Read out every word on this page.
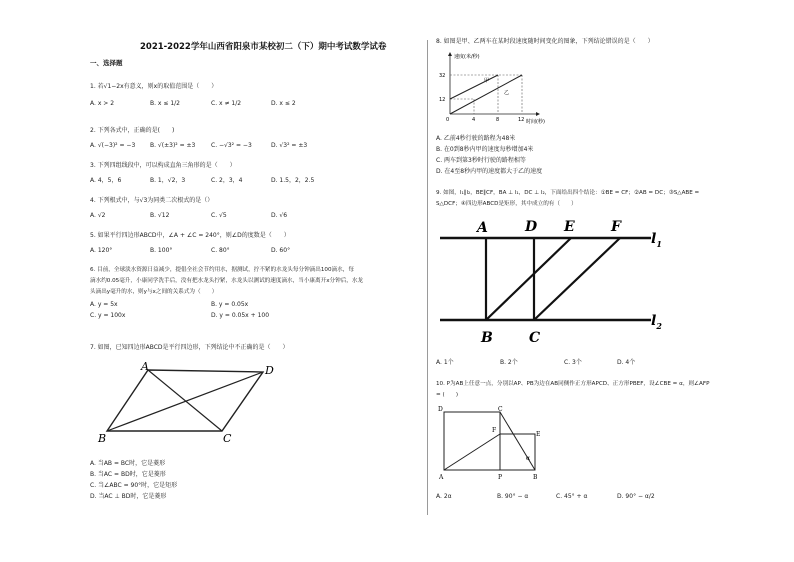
2021-2022学年山西省阳泉市某校初二（下）期中考试数学试卷
一、选择题
1. 若√1−2x有意义，则x的取值范围是（　　）
A. x > 2	B. x ≤ 1/2	C. x ≠ 1/2	D. x ≤ 2
2. 下列各式中，正确的是(　　)
A. √(−3)² = −3 B. √(±3)² = ±3	C. −√3² = −3	D. √3² = ±3
3. 下列四组线段中，可以构成直角三角形的是（　　）
A. 4，5，6	B. 1，√2，3	C. 2，3，4	D. 1.5，2，2.5
4. 下列根式中，与√3为同类二次根式的是（）
A. √2	B. √12	C. √5	D. √6
5. 如果平行四边形ABCD中，∠A + ∠C = 240°，则∠D的度数是（　　）
A. 120°	B. 100°	C. 80°	D. 60°
6. 目前，全球淡水资源日益减少，提倡全社会节约用水，据测试，拧不紧的水龙头每分钟滴出100滴水，每
滴水约0.05毫升，小康同学洗手后，没有把水龙头拧紧，水龙头以测试的速度滴水，当小康离开x分钟后，水龙
头滴出y毫升的水，则y与x之间的关系式为（　　）
A. y = 5x	B. y = 0.05x
C. y = 100x	D. y = 0.05x + 100
7. 如图，已知四边形ABCD是平行四边形，下列结论中不正确的是（　　）
A	D
B	C
A. 当AB = BC时，它是菱形
B. 当AC = BD时，它是菱形
C. 当∠ABC = 90°时，它是矩形
D. 当AC ⊥ BD时，它是菱形
8. 如图是甲、乙两车在某时段速度随时间变化的图象，下列结论错误的是（　　）
速度(米/秒)
时间(秒)
32
12
0	4	8	12
甲
乙
A. 乙前4秒行驶的路程为48米
B. 在0到8秒内甲的速度每秒增加4米
C. 两车到第3秒时行驶的路程相等
D. 在4至8秒内甲的速度都大于乙的速度
9. 如图，l₁∥l₂，BE∥CF，BA ⊥ l₁，DC ⊥ l₂，下面给出四个结论：①BE = CF；②AB = DC；③S△ABE =
S△DCF；④四边形ABCD是矩形，其中成立的有（　　）
A	D E	F
B	C
$l_1$
$l_2$
A. 1个	B. 2个	C. 3个	D. 4个
10. P为AB上任意一点，分别以AP、PB为边在AB同侧作正方形APCD、正方形PBEF，设∠CBE = α，则∠AFP
= (　　)
D	C
F
E
A	P	B
α
A. 2α	B. 90° − α	C. 45° + α	D. 90° − α/2
